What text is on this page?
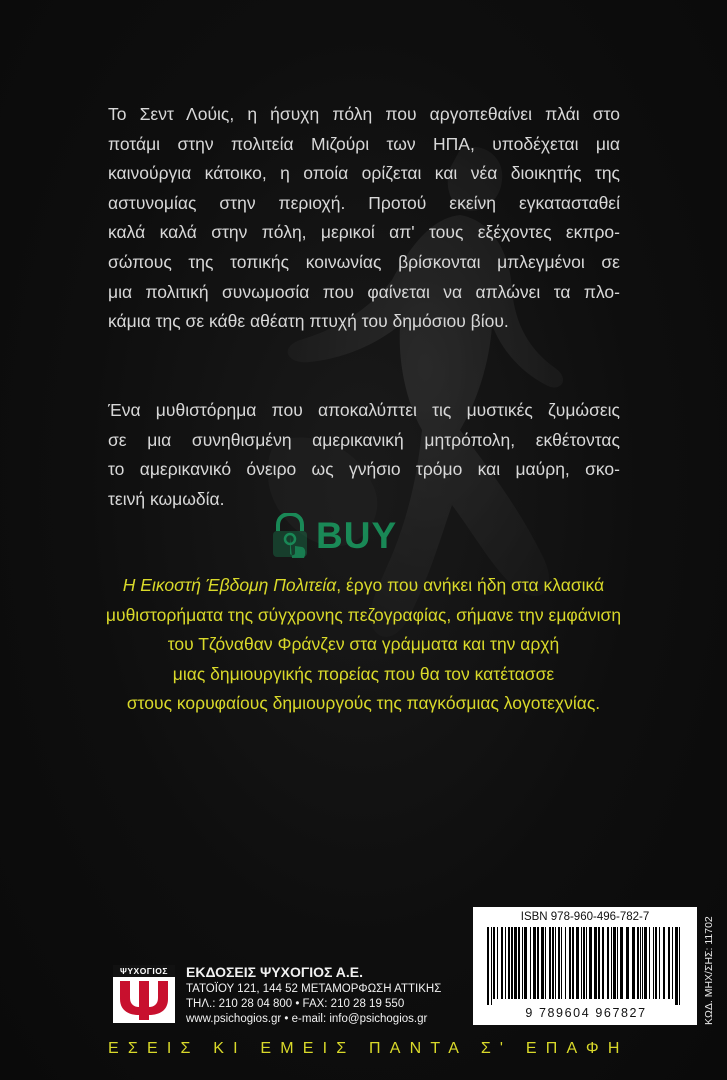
Το Σεντ Λούις, η ήσυχη πόλη που αργοπεθαίνει πλάι στο
ποτάμι στην πολιτεία Μιζούρι των ΗΠΑ, υποδέχεται μια
καινούργια κάτοικο, η οποία ορίζεται και νέα διοικητής της
αστυνομίας στην περιοχή. Προτού εκείνη εγκατασταθεί
καλά καλά στην πόλη, μερικοί απ' τους εξέχοντες εκπρο-
σώπους της τοπικής κοινωνίας βρίσκονται μπλεγμένοι σε
μια πολιτική συνωμοσία που φαίνεται να απλώνει τα πλο-
κάμια της σε κάθε αθέατη πτυχή του δημόσιου βίου.
Ένα μυθιστόρημα που αποκαλύπτει τις μυστικές ζυμώσεις
σε μια συνηθισμένη αμερικανική μητρόπολη, εκθέτοντας
το αμερικανικό όνειρο ως γνήσιο τρόμο και μαύρη, σκο-
τεινή κωμωδία.
BUY
Η Εικοστή Έβδομη Πολιτεία, έργο που ανήκει ήδη στα κλασικά
μυθιστορήματα της σύγχρονης πεζογραφίας, σήμανε την εμφάνιση
του Τζόναθαν Φράνζεν στα γράμματα και την αρχή
μιας δημιουργικής πορείας που θα τον κατέτασσε
στους κορυφαίους δημιουργούς της παγκόσμιας λογοτεχνίας.
ISBN 978-960-496-782-7
9 789604 967827	ΚΩΔ. ΜΗΧ/ΣΗΣ: 11702
ΨΥΧΟΓΙΟΣ	ΕΚΔΟΣΕΙΣ ΨΥΧΟΓΙΟΣ Α.Ε.
ΤΑΤΟΪΟΥ 121, 144 52 ΜΕΤΑΜΟΡΦΩΣΗ ΑΤΤΙΚΗΣ
ΤΗΛ.: 210 28 04 800 • FAX: 210 28 19 550
www.psichogios.gr • e-mail: info@psichogios.gr
ΕΣΕΙΣ ΚΙ ΕΜΕΙΣ ΠΑΝΤΑ Σ' ΕΠΑΦΗ
